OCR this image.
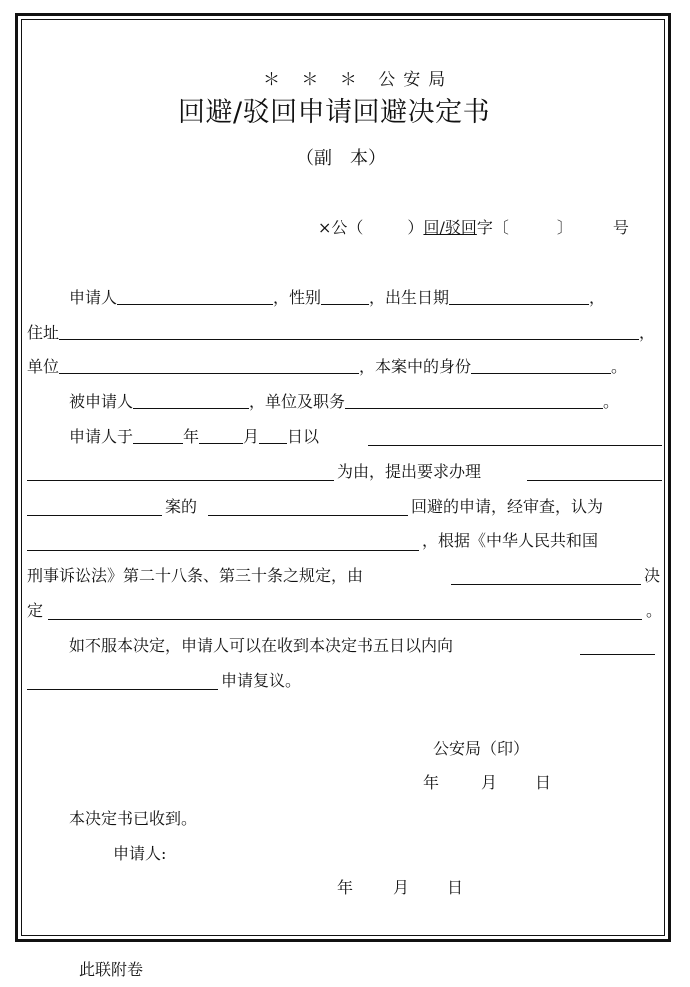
＊ ＊ ＊ 公安局
回避/驳回申请回避决定书
（副　本）
×公（	）回/驳回字〔	〕	号
申请人	，性别	，出生日期	，
住址	，
单位	，本案中的身份	。
被申请人	，单位及职务	。
申请人于	年	月 日以
为由，提出要求办理
案的	回避的申请，经审查，认为
，根据《中华人民共和国
刑事诉讼法》第二十八条、第三十条之规定，由	决
定	。
如不服本决定，申请人可以在收到本决定书五日以内向
申请复议。
公安局（印）
年	月 日
本决定书已收到。
申请人:
年	月 日
此联附卷
